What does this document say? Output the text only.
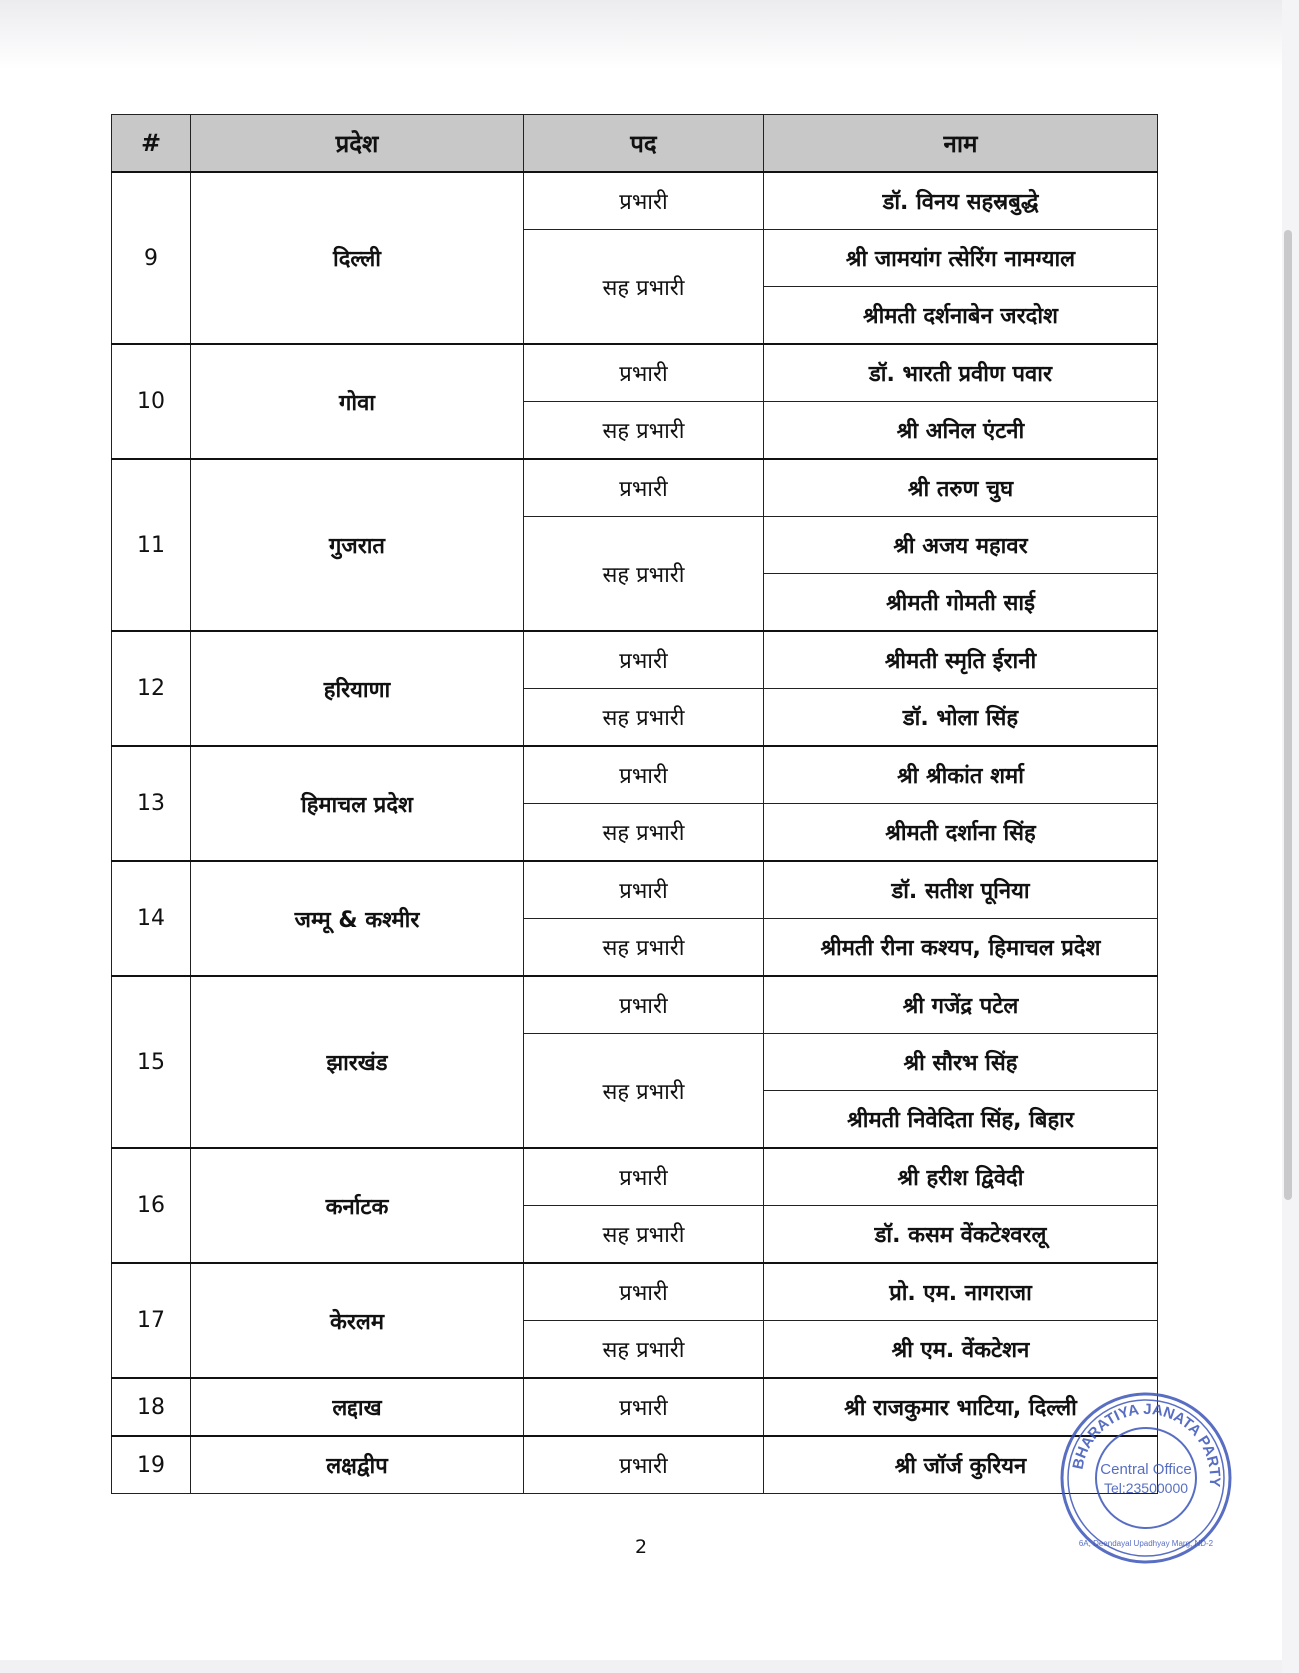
#	प्रदेश	पद	नाम
9	दिल्ली	प्रभारी	डॉ. विनय सहस्रबुद्धे
		सह प्रभारी	श्री जामयांग त्सेरिंग नामग्याल
			श्रीमती दर्शनाबेन जरदोश
10	गोवा	प्रभारी	डॉ. भारती प्रवीण पवार
		सह प्रभारी	श्री अनिल एंटनी
11	गुजरात	प्रभारी	श्री तरुण चुघ
		सह प्रभारी	श्री अजय महावर
			श्रीमती गोमती साई
12	हरियाणा	प्रभारी	श्रीमती स्मृति ईरानी
		सह प्रभारी	डॉ. भोला सिंह
13	हिमाचल प्रदेश	प्रभारी	श्री श्रीकांत शर्मा
		सह प्रभारी	श्रीमती दर्शाना सिंह
14	जम्मू & कश्मीर	प्रभारी	डॉ. सतीश पूनिया
		सह प्रभारी	श्रीमती रीना कश्यप, हिमाचल प्रदेश
15	झारखंड	प्रभारी	श्री गजेंद्र पटेल
		सह प्रभारी	श्री सौरभ सिंह
			श्रीमती निवेदिता सिंह, बिहार
16	कर्नाटक	प्रभारी	श्री हरीश द्विवेदी
		सह प्रभारी	डॉ. कसम वेंकटेश्वरलू
17	केरलम	प्रभारी	प्रो. एम. नागराजा
		सह प्रभारी	श्री एम. वेंकटेशन
18	लद्दाख	प्रभारी	श्री राजकुमार भाटिया, दिल्ली
19	लक्षद्वीप	प्रभारी	श्री जॉर्ज कुरियन
2
BHARATIYA JANATA PARTY
Central Office
Tel:23500000
6A, Deendayal Upadhyay Marg, ND-2
